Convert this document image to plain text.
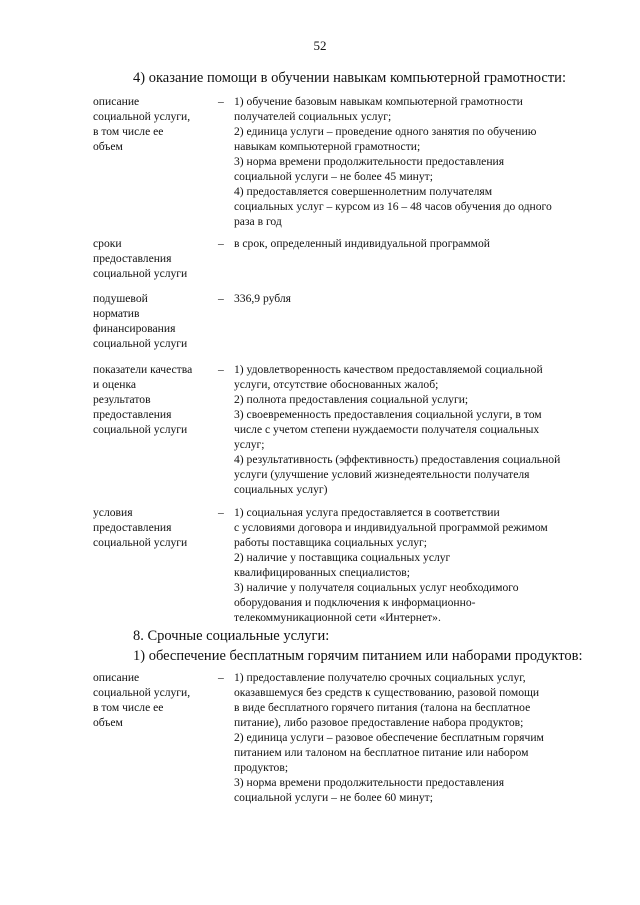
52
4) оказание помощи в обучении навыкам компьютерной грамотности:
описание
социальной услуги,
в том числе ее
объем
– 1) обучение базовым навыкам компьютерной грамотности
получателей социальных услуг;
2) единица услуги – проведение одного занятия по обучению
навыкам компьютерной грамотности;
3) норма времени продолжительности предоставления
социальной услуги – не более 45 минут;
4) предоставляется совершеннолетним получателям
социальных услуг – курсом из 16 – 48 часов обучения до одного
раза в год
сроки
предоставления
социальной услуги
– в срок, определенный индивидуальной программой
подушевой
норматив
финансирования
социальной услуги
– 336,9 рубля
показатели качества
и оценка
результатов
предоставления
социальной услуги
– 1) удовлетворенность качеством предоставляемой социальной
услуги, отсутствие обоснованных жалоб;
2) полнота предоставления социальной услуги;
3) своевременность предоставления социальной услуги, в том
числе с учетом степени нуждаемости получателя социальных
услуг;
4) результативность (эффективность) предоставления социальной
услуги (улучшение условий жизнедеятельности получателя
социальных услуг)
условия
предоставления
социальной услуги
– 1) социальная услуга предоставляется в соответствии
с условиями договора и индивидуальной программой режимом
работы поставщика социальных услуг;
2) наличие у поставщика социальных услуг
квалифицированных специалистов;
3) наличие у получателя социальных услуг необходимого
оборудования и подключения к информационно-
телекоммуникационной сети «Интернет».
8. Срочные социальные услуги:
1) обеспечение бесплатным горячим питанием или наборами продуктов:
описание
социальной услуги,
в том числе ее
объем
– 1) предоставление получателю срочных социальных услуг,
оказавшемуся без средств к существованию, разовой помощи
в виде бесплатного горячего питания (талона на бесплатное
питание), либо разовое предоставление набора продуктов;
2) единица услуги – разовое обеспечение бесплатным горячим
питанием или талоном на бесплатное питание или набором
продуктов;
3) норма времени продолжительности предоставления
социальной услуги – не более 60 минут;
